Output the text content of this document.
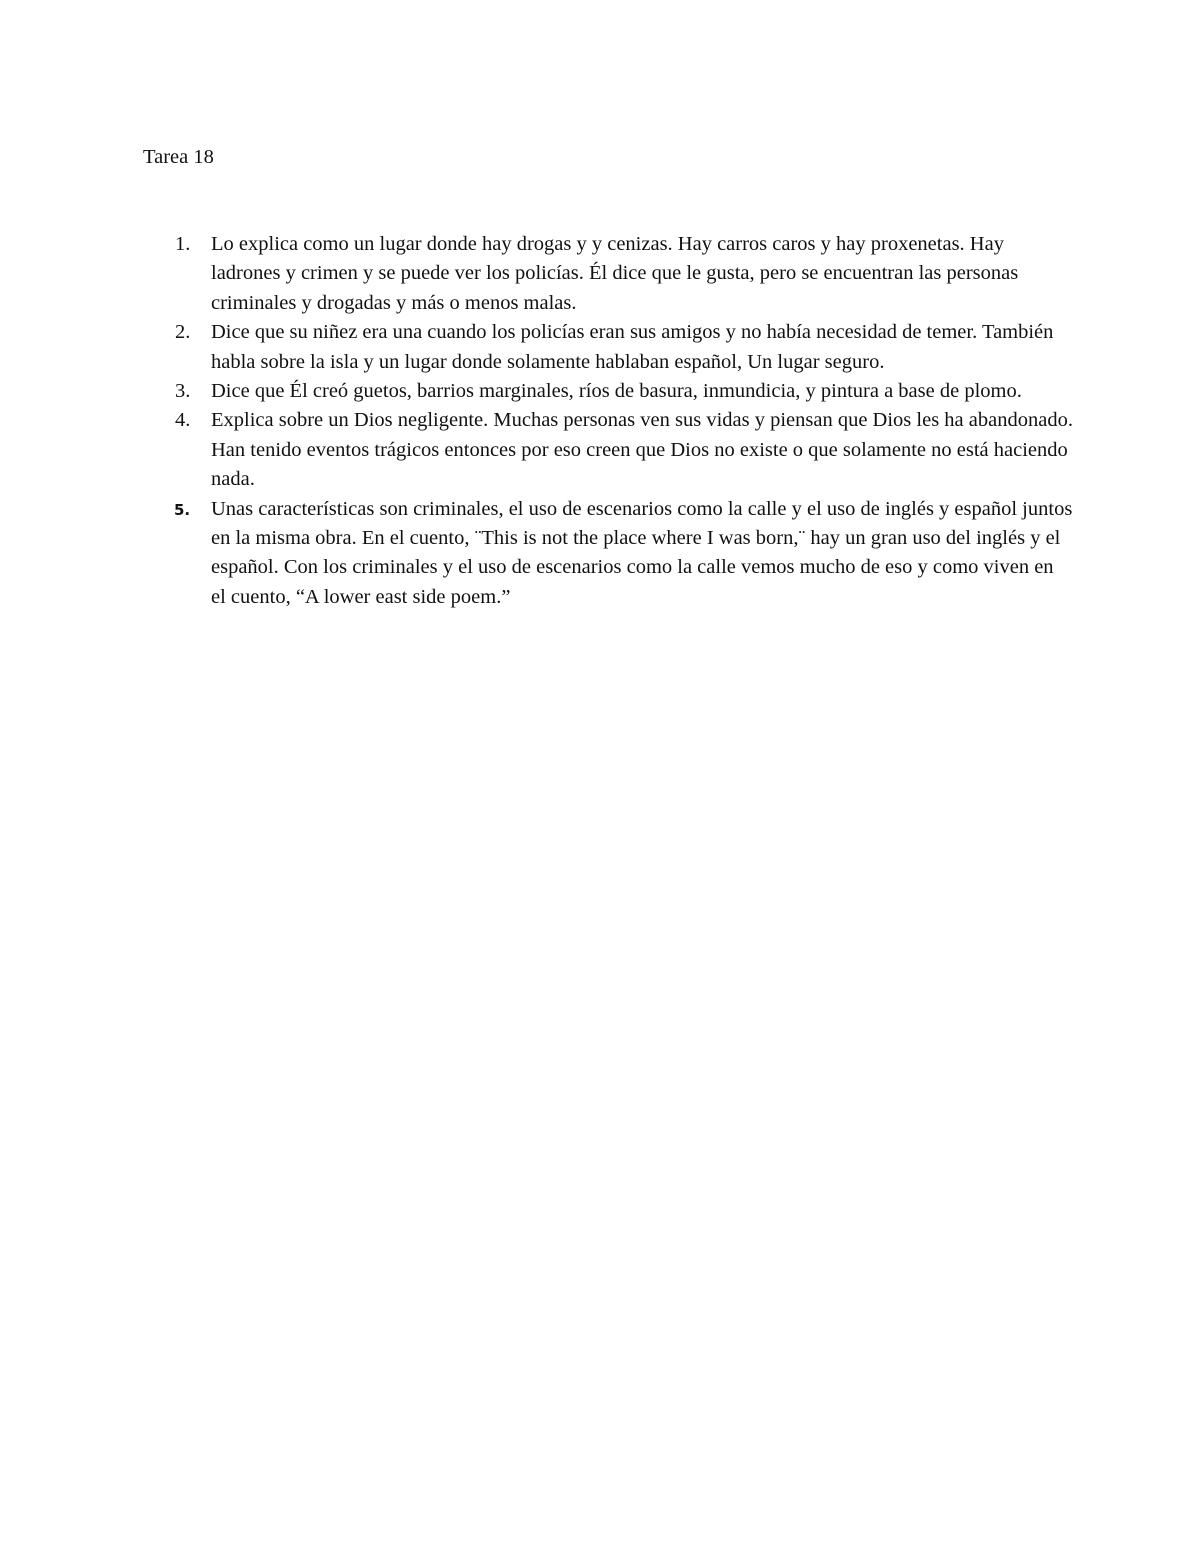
Tarea 18
1. Lo explica como un lugar donde hay drogas y y cenizas. Hay carros caros y hay proxenetas. Hay ladrones y crimen y se puede ver los policías. Él dice que le gusta, pero se encuentran las personas criminales y drogadas y más o menos malas.
2. Dice que su niñez era una cuando los policías eran sus amigos y no había necesidad de temer. También habla sobre la isla y un lugar donde solamente hablaban español, Un lugar seguro.
3. Dice que Él creó guetos, barrios marginales, ríos de basura, inmundicia, y pintura a base de plomo.
4. Explica sobre un Dios negligente. Muchas personas ven sus vidas y piensan que Dios les ha abandonado. Han tenido eventos trágicos entonces por eso creen que Dios no existe o que solamente no está haciendo nada.
5. Unas características son criminales, el uso de escenarios como la calle y el uso de inglés y español juntos en la misma obra. En el cuento, ¨This is not the place where I was born,¨ hay un gran uso del inglés y el español. Con los criminales y el uso de escenarios como la calle vemos mucho de eso y como viven en el cuento, “A lower east side poem.”
